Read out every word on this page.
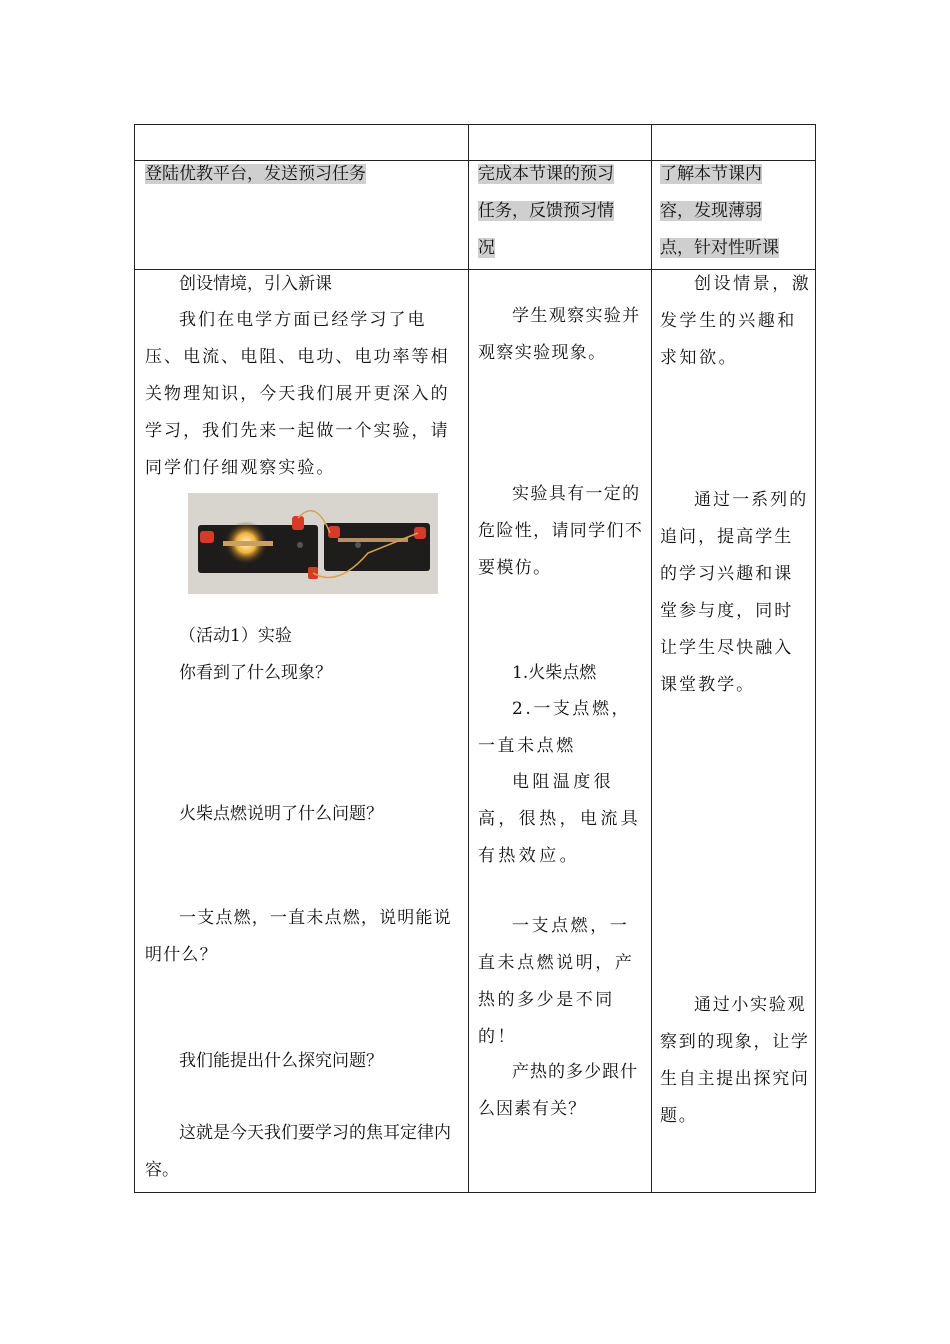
登陆优教平台，发送预习任务	完成本节课的预习
任务，反馈预习情
况
了解本节课内
容，发现薄弱
点，针对性听课
创设情境，引入新课
我们在电学方面已经学习了电压、电流、电阻、电功、电功率等相关物理知识，今天我们展开更深入的学习，我们先来一起做一个实验，请同学们仔细观察实验。
（活动1）实验
你看到了什么现象？
火柴点燃说明了什么问题？
一支点燃，一直未点燃，说明能说明什么？
我们能提出什么探究问题？
这就是今天我们要学习的焦耳定律内容。
学生观察实验并观察实验现象。
实验具有一定的危险性，请同学们不要模仿。
1.火柴点燃
2.一支点燃，一直未点燃
电阻温度很高，很热，电流具有热效应。
一支点燃，一直未点燃说明，产热的多少是不同的！
产热的多少跟什么因素有关？
创设情景，激发学生的兴趣和求知欲。
通过一系列的追问，提高学生的学习兴趣和课堂参与度，同时让学生尽快融入课堂教学。
通过小实验观察到的现象，让学生自主提出探究问题。
